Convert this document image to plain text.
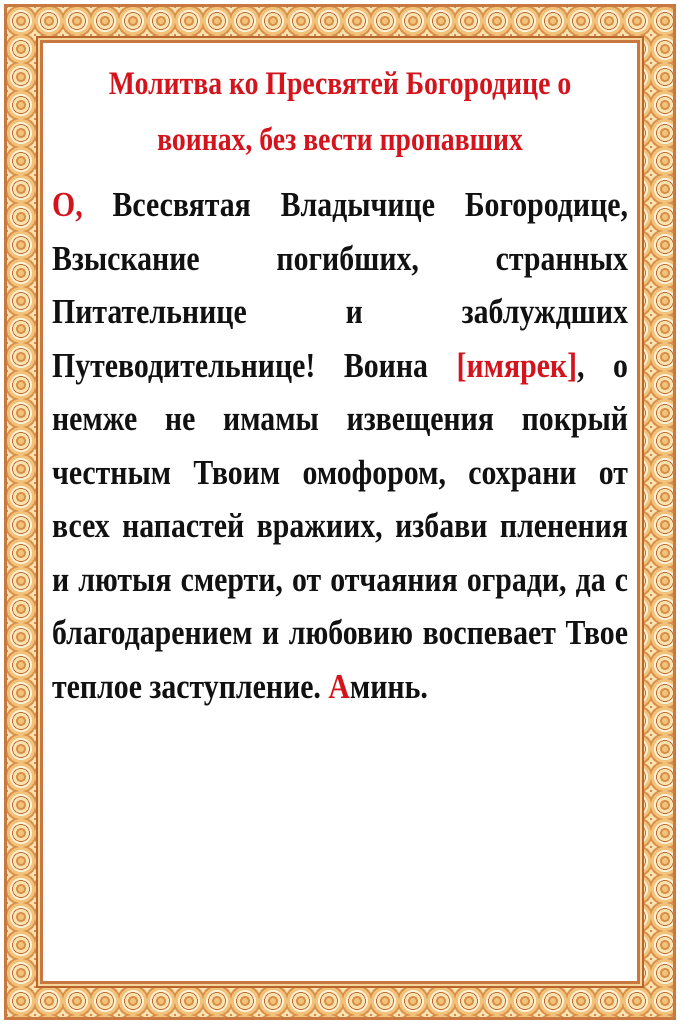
Молитва ко Пресвятей Богородице о воинах, без вести пропавших
О, Всесвятая Владычице Богородице, Взыскание погибших, странных Питательнице и заблуждших Путеводительнице! Воина [имярек], о немже не имамы извещения покрый честным Твоим омофором, сохрани от всех напастей вражиих, избави пленения и лютыя смерти, от отчаяния огради, да с благодарением и любовию воспевает Твое теплое заступление. Аминь.
